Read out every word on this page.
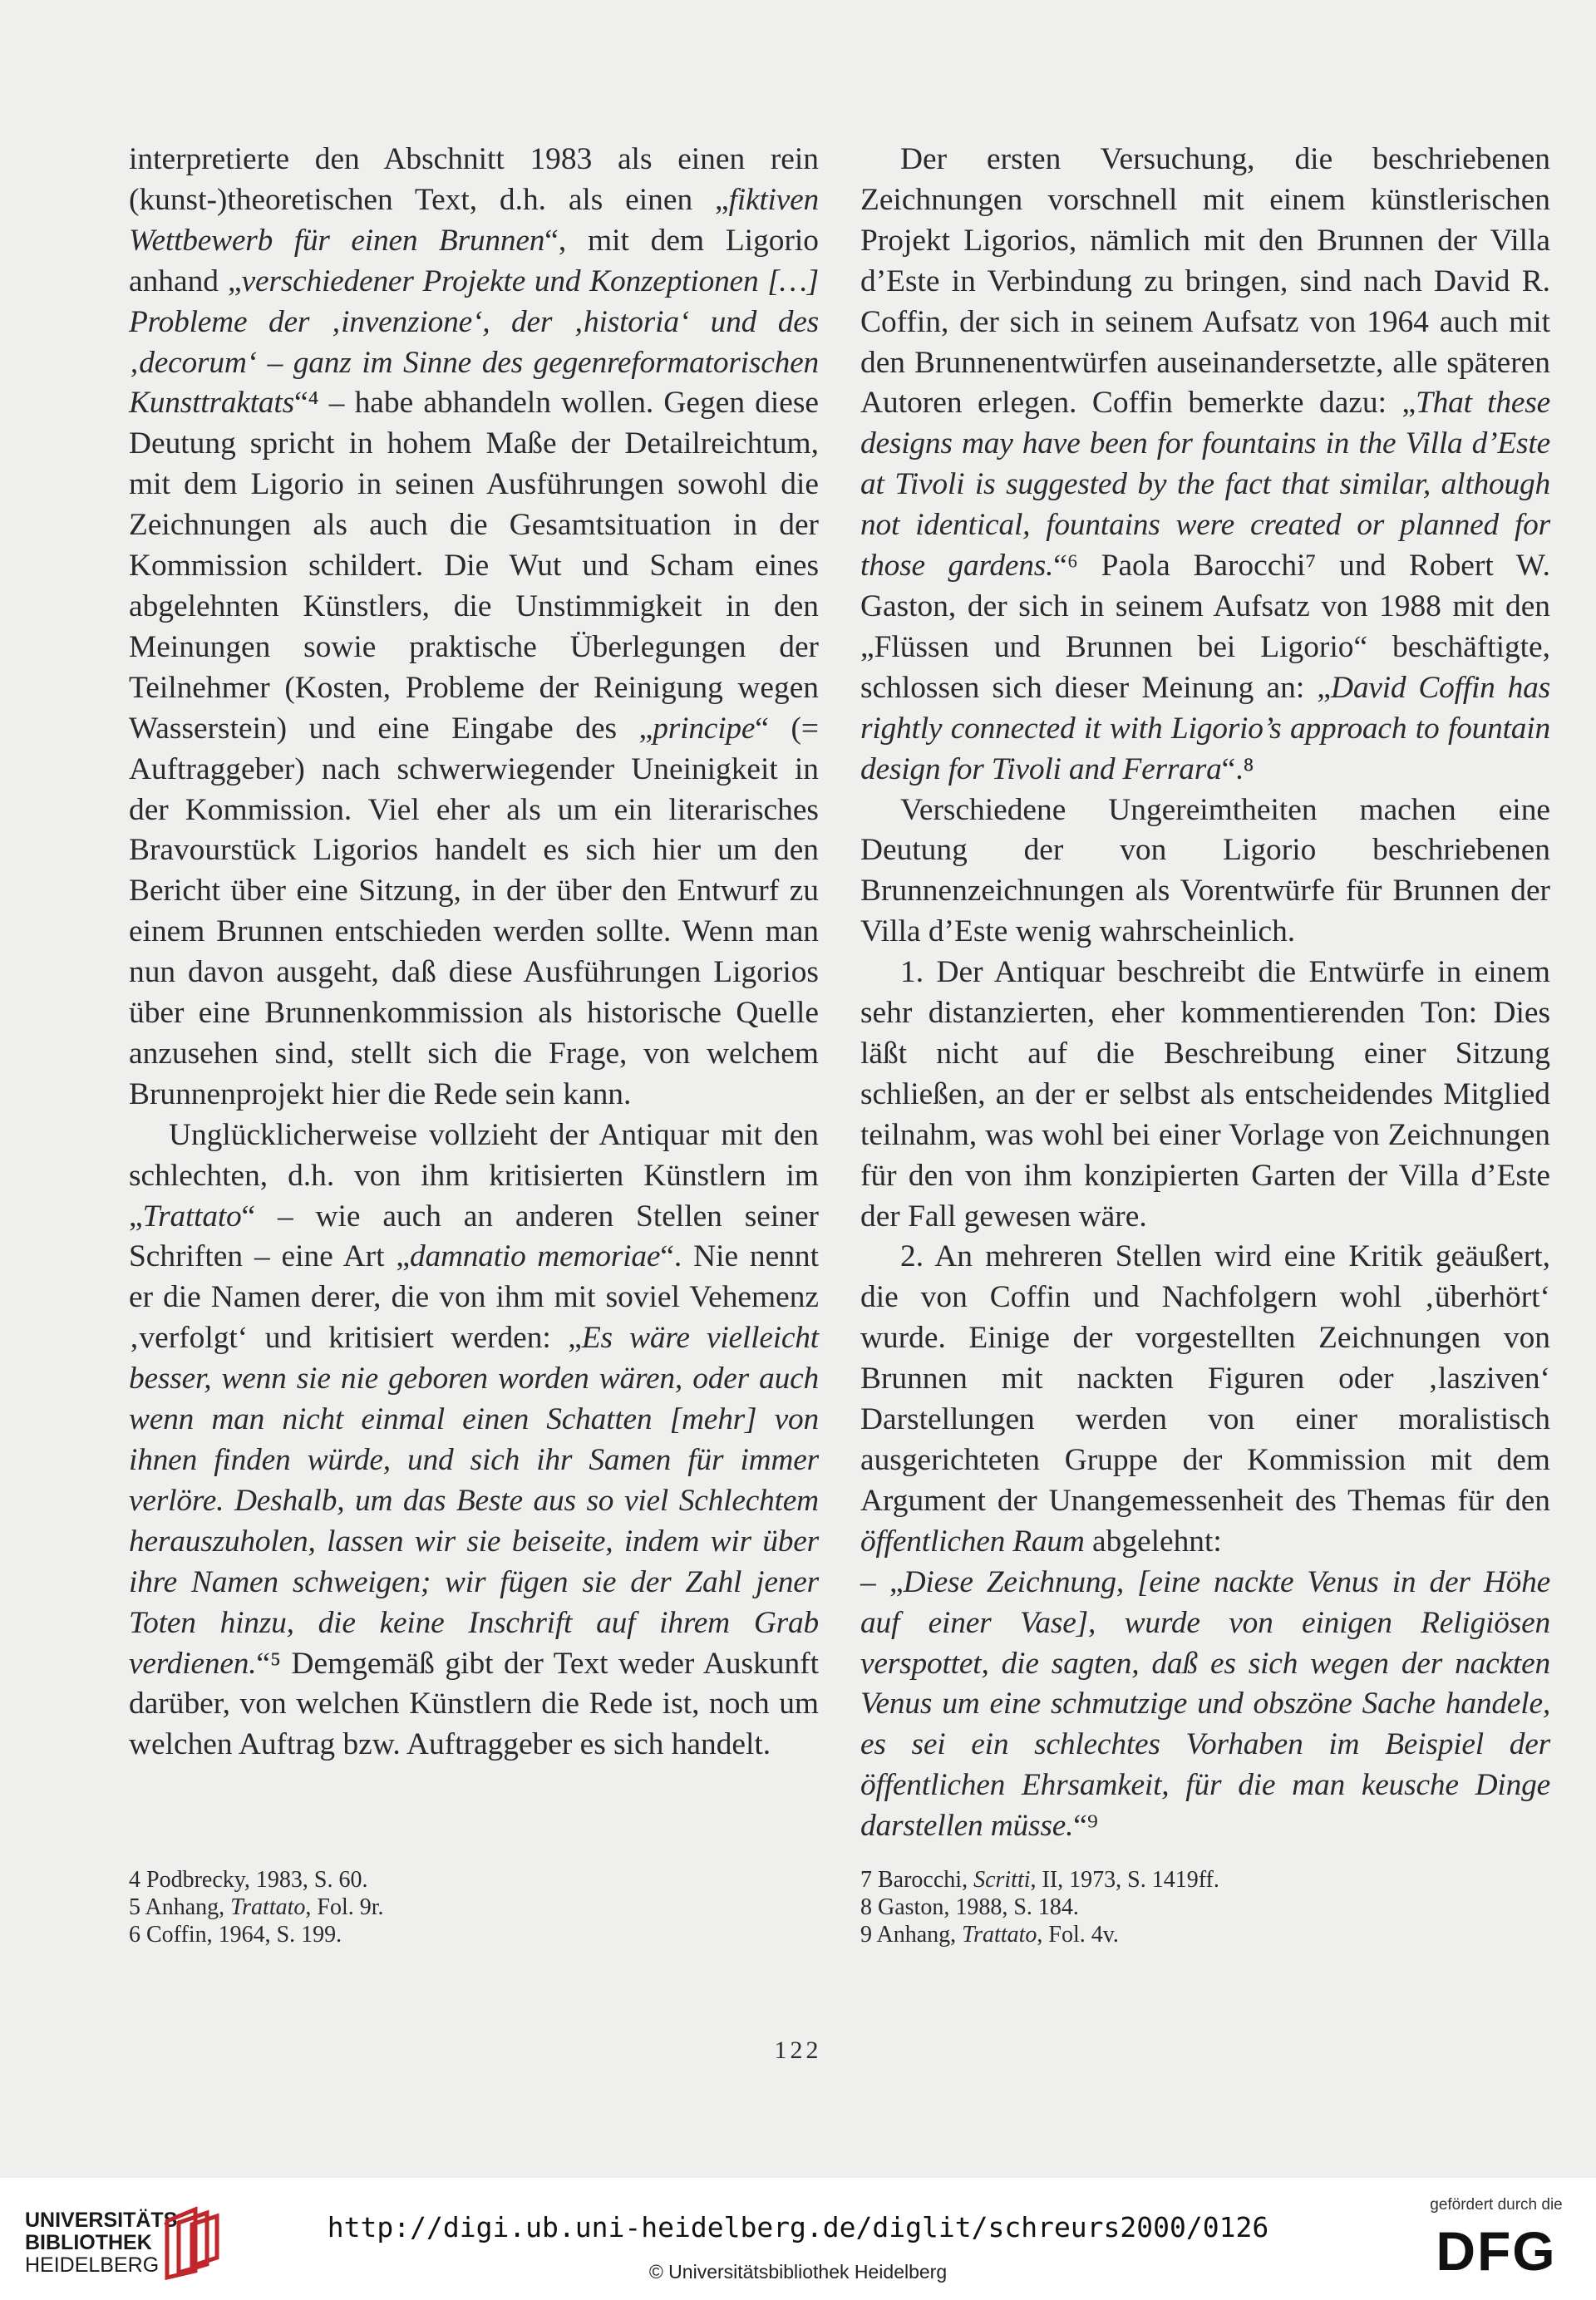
interpretierte den Abschnitt 1983 als einen rein (kunst-)theoretischen Text, d.h. als einen „fiktiven Wettbewerb für einen Brunnen“, mit dem Ligorio anhand „verschiedener Projekte und Konzeptionen […] Probleme der ‚invenzione‘, der ‚historia‘ und des ‚decorum‘ – ganz im Sinne des gegenreformatorischen Kunsttraktats“⁴ – habe abhandeln wollen. Gegen diese Deutung spricht in hohem Maße der Detailreichtum, mit dem Ligorio in seinen Ausführungen sowohl die Zeichnungen als auch die Gesamtsituation in der Kommission schildert. Die Wut und Scham eines abgelehnten Künstlers, die Unstimmigkeit in den Meinungen sowie praktische Überlegungen der Teilnehmer (Kosten, Probleme der Reinigung wegen Wasserstein) und eine Eingabe des „principe“ (= Auftraggeber) nach schwerwiegender Uneinigkeit in der Kommission. Viel eher als um ein literarisches Bravourstück Ligorios handelt es sich hier um den Bericht über eine Sitzung, in der über den Entwurf zu einem Brunnen entschieden werden sollte. Wenn man nun davon ausgeht, daß diese Ausführungen Ligorios über eine Brunnenkommission als historische Quelle anzusehen sind, stellt sich die Frage, von welchem Brunnenprojekt hier die Rede sein kann.

Unglücklicherweise vollzieht der Antiquar mit den schlechten, d.h. von ihm kritisierten Künstlern im „Trattato“ – wie auch an anderen Stellen seiner Schriften – eine Art „damnatio memoriae“. Nie nennt er die Namen derer, die von ihm mit soviel Vehemenz ‚verfolgt‘ und kritisiert werden: „Es wäre vielleicht besser, wenn sie nie geboren worden wären, oder auch wenn man nicht einmal einen Schatten [mehr] von ihnen finden würde, und sich ihr Samen für immer verlöre. Deshalb, um das Beste aus so viel Schlechtem herauszuholen, lassen wir sie beiseite, indem wir über ihre Namen schweigen; wir fügen sie der Zahl jener Toten hinzu, die keine Inschrift auf ihrem Grab verdienen.“⁵ Demgemäß gibt der Text weder Auskunft darüber, von welchen Künstlern die Rede ist, noch um welchen Auftrag bzw. Auftraggeber es sich handelt.

Der ersten Versuchung, die beschriebenen Zeichnungen vorschnell mit einem künstlerischen Projekt Ligorios, nämlich mit den Brunnen der Villa d’Este in Verbindung zu bringen, sind nach David R. Coffin, der sich in seinem Aufsatz von 1964 auch mit den Brunnenentwürfen auseinandersetzte, alle späteren Autoren erlegen. Coffin bemerkte dazu: „That these designs may have been for fountains in the Villa d’Este at Tivoli is suggested by the fact that similar, although not identical, fountains were created or planned for those gardens.“⁶ Paola Barocchi⁷ und Robert W. Gaston, der sich in seinem Aufsatz von 1988 mit den „Flüssen und Brunnen bei Ligorio“ beschäftigte, schlossen sich dieser Meinung an: „David Coffin has rightly connected it with Ligorio’s approach to fountain design for Tivoli and Ferrara“.⁸

Verschiedene Ungereimtheiten machen eine Deutung der von Ligorio beschriebenen Brunnenzeichnungen als Vorentwürfe für Brunnen der Villa d’Este wenig wahrscheinlich.

1. Der Antiquar beschreibt die Entwürfe in einem sehr distanzierten, eher kommentierenden Ton: Dies läßt nicht auf die Beschreibung einer Sitzung schließen, an der er selbst als entscheidendes Mitglied teilnahm, was wohl bei einer Vorlage von Zeichnungen für den von ihm konzipierten Garten der Villa d’Este der Fall gewesen wäre.

2. An mehreren Stellen wird eine Kritik geäußert, die von Coffin und Nachfolgern wohl ‚überhört‘ wurde. Einige der vorgestellten Zeichnungen von Brunnen mit nackten Figuren oder ‚lasziven‘ Darstellungen werden von einer moralistisch ausgerichteten Gruppe der Kommission mit dem Argument der Unangemessenheit des Themas für den öffentlichen Raum abgelehnt:

– „Diese Zeichnung, [eine nackte Venus in der Höhe auf einer Vase], wurde von einigen Religiösen verspottet, die sagten, daß es sich wegen der nackten Venus um eine schmutzige und obszöne Sache handele, es sei ein schlechtes Vorhaben im Beispiel der öffentlichen Ehrsamkeit, für die man keusche Dinge darstellen müsse.“⁹

4 Podbrecky, 1983, S. 60.
5 Anhang, Trattato, Fol. 9r.
6 Coffin, 1964, S. 199.
7 Barocchi, Scritti, II, 1973, S. 1419ff.
8 Gaston, 1988, S. 184.
9 Anhang, Trattato, Fol. 4v.
122
UNIVERSITÄTS-
BIBLIOTHEK
HEIDELBERG
http://digi.ub.uni-heidelberg.de/diglit/schreurs2000/0126
© Universitätsbibliothek Heidelberg
gefördert durch die
DFG
